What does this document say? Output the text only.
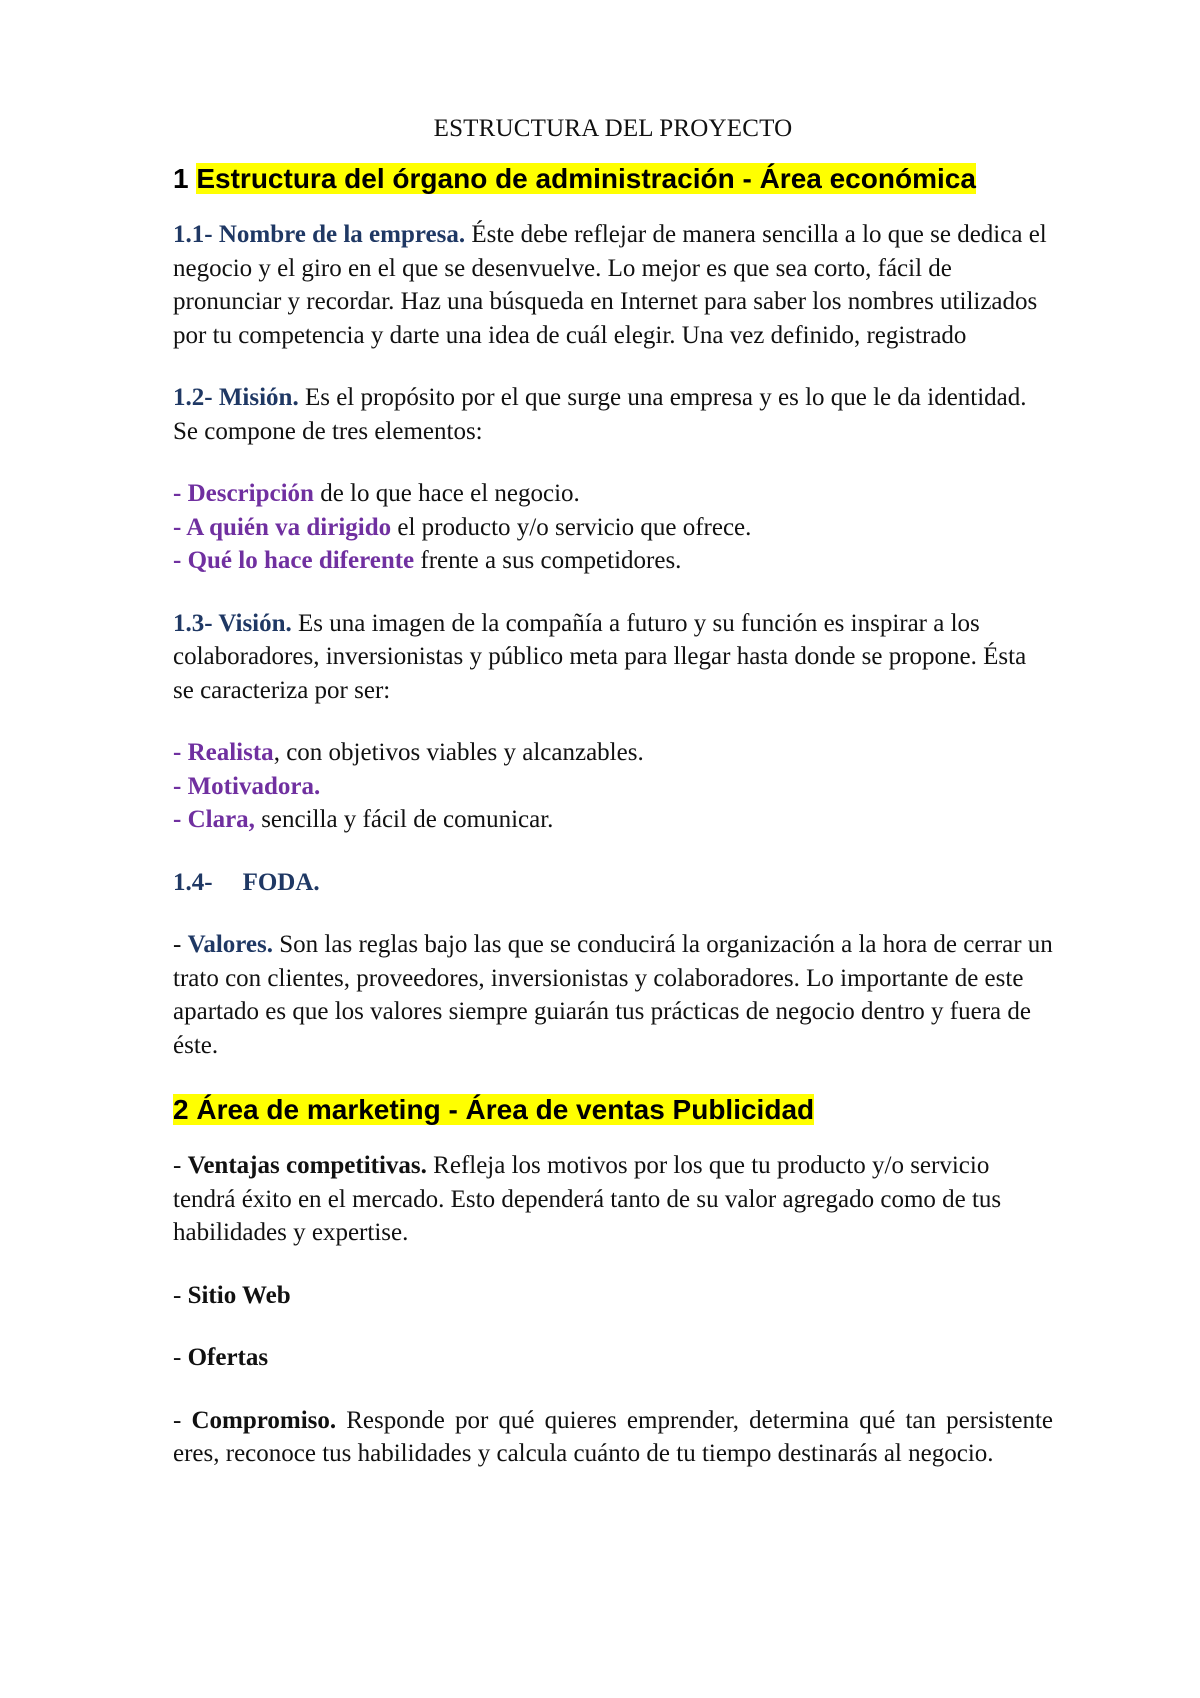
ESTRUCTURA DEL PROYECTO
1 Estructura del órgano de administración - Área económica

1.1- Nombre de la empresa. Éste debe reflejar de manera sencilla a lo que se dedica el negocio y el giro en el que se desenvuelve. Lo mejor es que sea corto, fácil de pronunciar y recordar. Haz una búsqueda en Internet para saber los nombres utilizados por tu competencia y darte una idea de cuál elegir. Una vez definido, registrado

1.2- Misión. Es el propósito por el que surge una empresa y es lo que le da identidad. Se compone de tres elementos:

- Descripción de lo que hace el negocio.
- A quién va dirigido el producto y/o servicio que ofrece.
- Qué lo hace diferente frente a sus competidores.

1.3- Visión. Es una imagen de la compañía a futuro y su función es inspirar a los colaboradores, inversionistas y público meta para llegar hasta donde se propone. Ésta se caracteriza por ser:

- Realista, con objetivos viables y alcanzables.
- Motivadora.
- Clara, sencilla y fácil de comunicar.

1.4- FODA.

- Valores. Son las reglas bajo las que se conducirá la organización a la hora de cerrar un trato con clientes, proveedores, inversionistas y colaboradores. Lo importante de este apartado es que los valores siempre guiarán tus prácticas de negocio dentro y fuera de éste.

2 Área de marketing - Área de ventas Publicidad

- Ventajas competitivas. Refleja los motivos por los que tu producto y/o servicio tendrá éxito en el mercado. Esto dependerá tanto de su valor agregado como de tus habilidades y expertise.

- Sitio Web

- Ofertas

- Compromiso. Responde por qué quieres emprender, determina qué tan persistente eres, reconoce tus habilidades y calcula cuánto de tu tiempo destinarás al negocio.
